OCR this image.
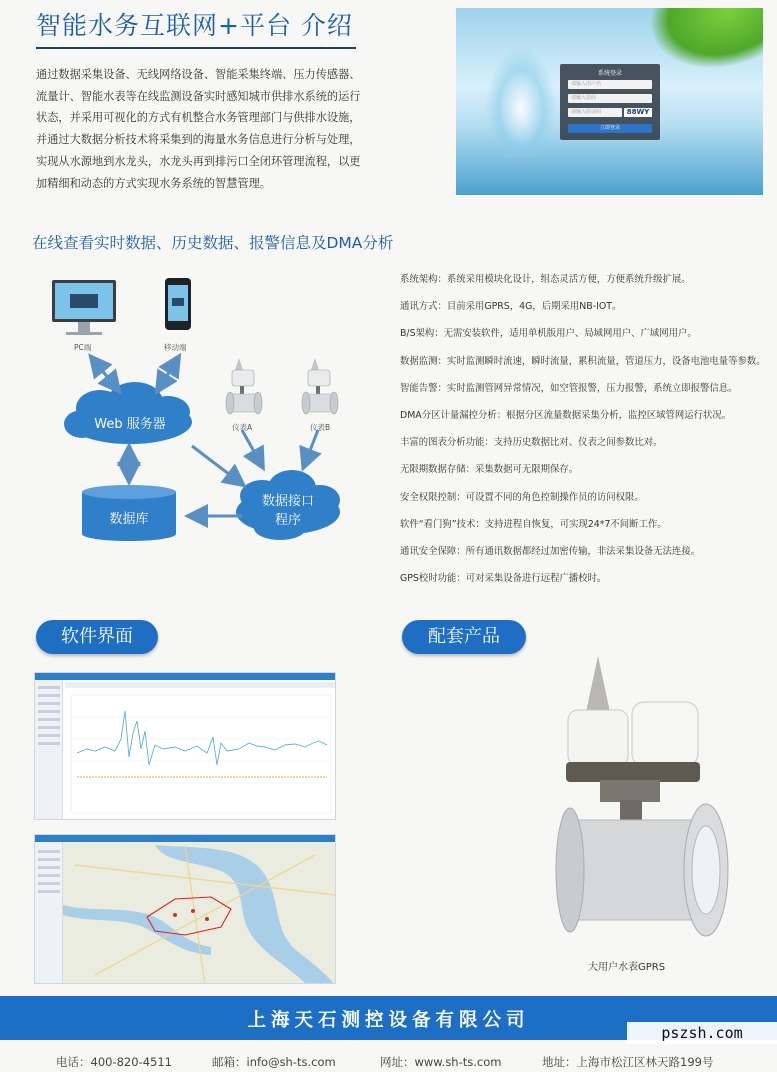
智能水务互联网+平台 介绍
通过数据采集设备、无线网络设备、智能采集终端、压力传感器、流量计、智能水表等在线监测设备实时感知城市供排水系统的运行状态，并采用可视化的方式有机整合水务管理部门与供排水设施，并通过大数据分析技术将采集到的海量水务信息进行分析与处理，实现从水源地到水龙头，水龙头再到排污口全闭环管理流程，以更加精细和动态的方式实现水务系统的智慧管理。
系统登录
请输入用户名
请输入密码
请输入验证码	88WY
立即登录
在线查看实时数据、历史数据、报警信息及DMA分析
PC端	移动端
仪表A	仪表B
Web 服务器
数据接口
程序
数据库
系统架构：系统采用模块化设计，组态灵活方便，方便系统升级扩展。
通讯方式：目前采用GPRS，4G，后期采用NB-IOT。
B/S架构：无需安装软件，适用单机版用户、局域网用户、广域网用户。
数据监测：实时监测瞬时流速，瞬时流量，累积流量，管道压力，设备电池电量等参数。
智能告警：实时监测管网异常情况，如空管报警，压力报警，系统立即报警信息。
DMA分区计量漏控分析：根据分区流量数据采集分析，监控区域管网运行状况。
丰富的图表分析功能：支持历史数据比对、仪表之间参数比对。
无限期数据存储：采集数据可无限期保存。
安全权限控制：可设置不同的角色控制操作员的访问权限。
软件“看门狗”技术：支持进程自恢复，可实现24*7不间断工作。
通讯安全保障：所有通讯数据都经过加密传输，非法采集设备无法连接。
GPS校时功能：可对采集设备进行远程广播校时。
软件界面	配套产品
大用户水表GPRS
上海天石测控设备有限公司
pszsh.com
电话：400-820-4511	邮箱：info@sh-ts.com	网址：www.sh-ts.com	地址：上海市松江区林天路199号
